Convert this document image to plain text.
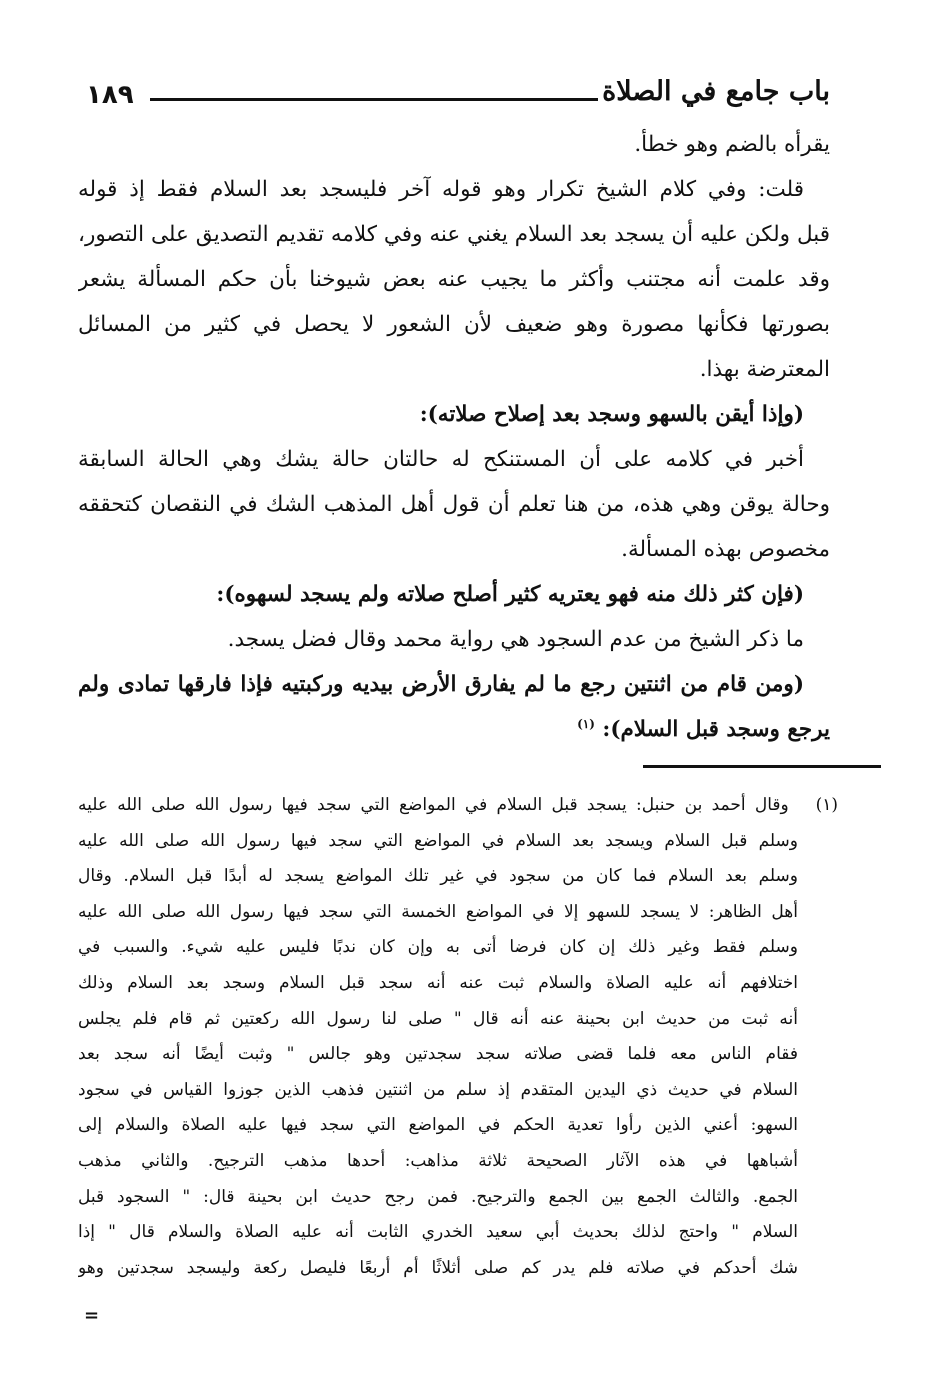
١٨٩	باب جامع في الصلاة
يقرأه بالضم وهو خطأ.
قلت: وفي كلام الشيخ تكرار وهو قوله آخر فليسجد بعد السلام فقط إذ قوله
قبل ولكن عليه أن يسجد بعد السلام يغني عنه وفي كلامه تقديم التصديق على التصور،
وقد علمت أنه مجتنب وأكثر ما يجيب عنه بعض شيوخنا بأن حكم المسألة يشعر
بصورتها فكأنها مصورة وهو ضعيف لأن الشعور لا يحصل في كثير من المسائل
المعترضة بهذا.
(وإذا أيقن بالسهو وسجد بعد إصلاح صلاته):
أخبر في كلامه على أن المستنكح له حالتان حالة يشك وهي الحالة السابقة
وحالة يوقن وهي هذه، من هنا تعلم أن قول أهل المذهب الشك في النقصان كتحققه
مخصوص بهذه المسألة.
(فإن كثر ذلك منه فهو يعتريه كثير أصلح صلاته ولم يسجد لسهوه):
ما ذكر الشيخ من عدم السجود هي رواية محمد وقال فضل يسجد.
(ومن قام من اثنتين رجع ما لم يفارق الأرض بيديه وركبتيه فإذا فارقها تمادى ولم
يرجع وسجد قبل السلام): $^{(١)}$
(١) وقال أحمد بن حنبل: يسجد قبل السلام في المواضع التي سجد فيها رسول الله صلى الله عليه
وسلم قبل السلام ويسجد بعد السلام في المواضع التي سجد فيها رسول الله صلى الله عليه
وسلم بعد السلام فما كان من سجود في غير تلك المواضع يسجد له أبدًا قبل السلام. وقال
أهل الظاهر: لا يسجد للسهو إلا في المواضع الخمسة التي سجد فيها رسول الله صلى الله عليه
وسلم فقط وغير ذلك إن كان فرضا أتى به وإن كان ندبًا فليس عليه شيء. والسبب في
اختلافهم أنه عليه الصلاة والسلام ثبت عنه أنه سجد قبل السلام وسجد بعد السلام وذلك
أنه ثبت من حديث ابن بحينة عنه أنه قال " صلى لنا رسول الله ركعتين ثم قام فلم يجلس
فقام الناس معه فلما قضى صلاته سجد سجدتين وهو جالس " وثبت أيضًا أنه سجد بعد
السلام في حديث ذي اليدين المتقدم إذ سلم من اثنتين فذهب الذين جوزوا القياس في سجود
السهو: أعني الذين رأوا تعدية الحكم في المواضع التي سجد فيها عليه الصلاة والسلام إلى
أشباهها في هذه الآثار الصحيحة ثلاثة مذاهب: أحدها مذهب الترجيح. والثاني مذهب
الجمع. والثالث الجمع بين الجمع والترجيح. فمن رجح حديث ابن بحينة قال: " السجود قبل
السلام " واحتج لذلك بحديث أبي سعيد الخدري الثابت أنه عليه الصلاة والسلام قال " إذا
شك أحدكم في صلاته فلم يدر كم صلى أثلاثًا أم أربعًا فليصل ركعة وليسجد سجدتين وهو
=
